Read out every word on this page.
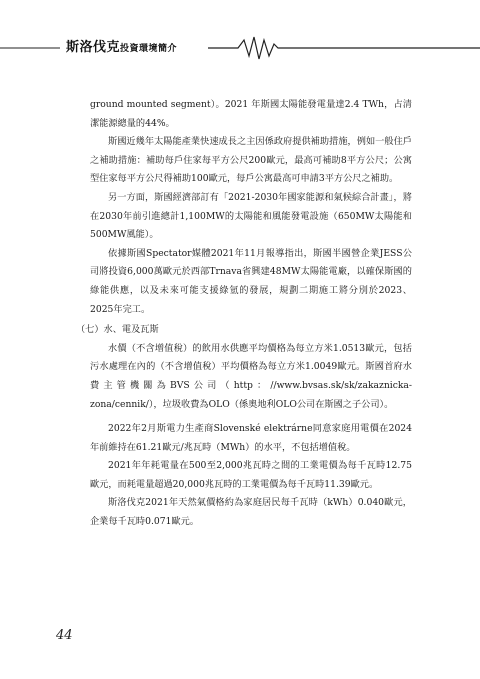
斯洛伐克投資環境簡介

ground mounted segment）。2021 年斯國太陽能發電量達2.4 TWh，占清潔能源總量的44%。

斯國近幾年太陽能產業快速成長之主因係政府提供補助措施，例如一般住戶之補助措施：補助每戶住家每平方公尺200歐元，最高可補助8平方公尺；公寓型住家每平方公尺得補助100歐元，每戶公寓最高可申請3平方公尺之補助。

另一方面，斯國經濟部訂有「2021-2030年國家能源和氣候綜合計畫」，將在2030年前引進總計1,100MW的太陽能和風能發電設施（650MW太陽能和500MW風能）。

依據斯國Spectator媒體2021年11月報導指出，斯國半國營企業JESS公司將投資6,000萬歐元於西部Trnava省興建48MW太陽能電廠，以確保斯國的綠能供應，以及未來可能支援綠氫的發展，規劃二期施工將分別於2023、2025年完工。

（七）水、電及瓦斯

水價（不含增值稅）的飲用水供應平均價格為每立方米1.0513歐元，包括污水處理在內的（不含增值稅）平均價格為每立方米1.0049歐元。斯國首府水費主管機關為BVS公司（http：//www.bvsas.sk/sk/zakaznicka-zona/cennik/），垃圾收費為OLO（係奧地利OLO公司在斯國之子公司）。

2022年2月斯電力生產商Slovenské elektrárne同意家庭用電價在2024年前維持在61.21歐元/兆瓦時（MWh）的水平，不包括增值稅。

2021年年耗電量在500至2,000兆瓦時之間的工業電價為每千瓦時12.75歐元，而耗電量超過20,000兆瓦時的工業電價為每千瓦時11.39歐元。

斯洛伐克2021年天然氣價格約為家庭居民每千瓦時（kWh）0.040歐元，企業每千瓦時0.071歐元。

44
